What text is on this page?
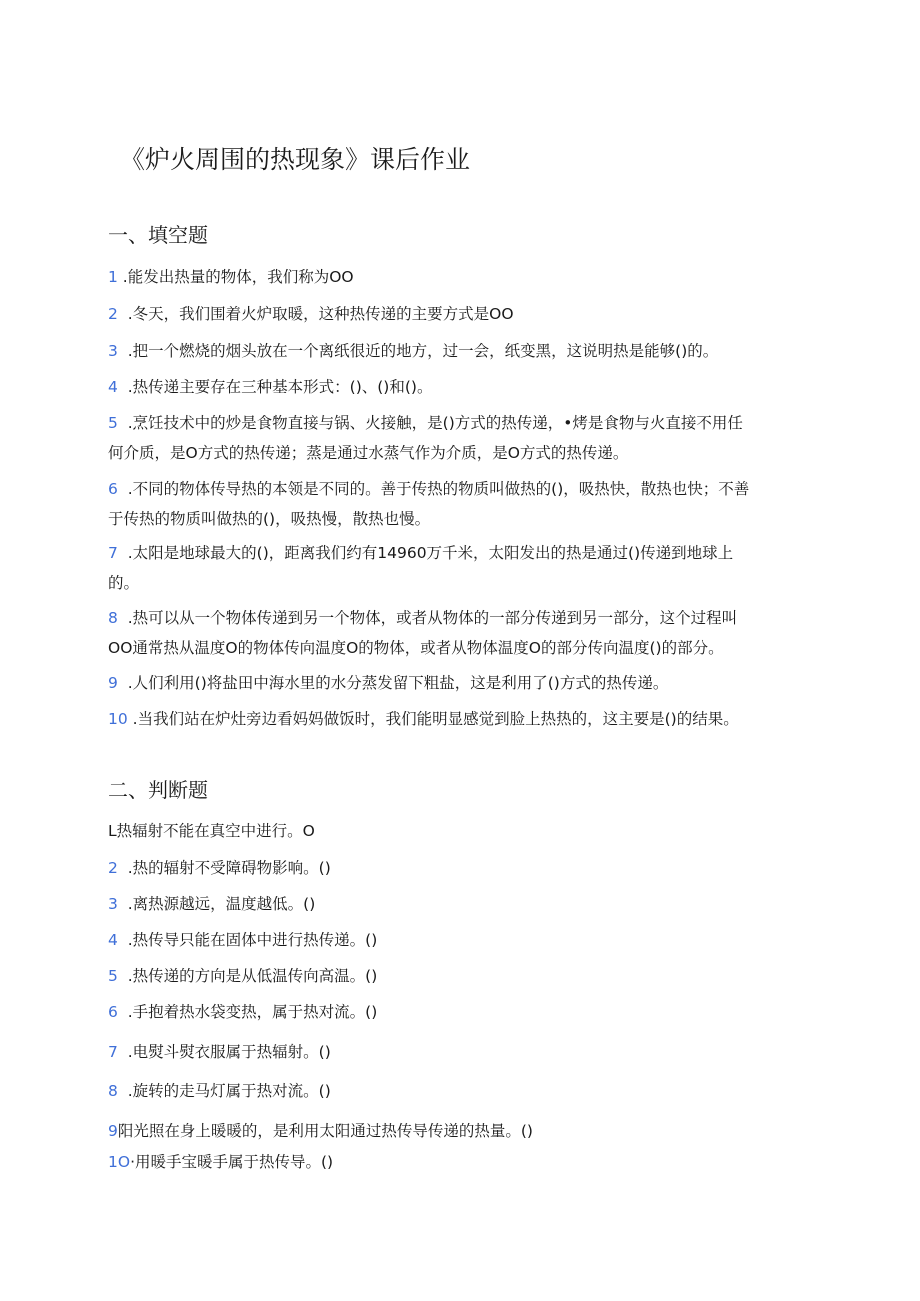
《炉火周围的热现象》课后作业
一、填空题
1 .能发出热量的物体，我们称为OO
2  .冬天，我们围着火炉取暖，这种热传递的主要方式是OO
3  .把一个燃烧的烟头放在一个离纸很近的地方，过一会，纸变黑，这说明热是能够()的。
4  .热传递主要存在三种基本形式：()、()和()。
5  .烹饪技术中的炒是食物直接与锅、火接触，是()方式的热传递，•烤是食物与火直接不用任
何介质，是O方式的热传递；蒸是通过水蒸气作为介质，是O方式的热传递。
6  .不同的物体传导热的本领是不同的。善于传热的物质叫做热的()，吸热快，散热也快；不善
于传热的物质叫做热的()，吸热慢，散热也慢。
7  .太阳是地球最大的()，距离我们约有14960万千米，太阳发出的热是通过()传递到地球上
的。
8  .热可以从一个物体传递到另一个物体，或者从物体的一部分传递到另一部分，这个过程叫
OO通常热从温度O的物体传向温度O的物体，或者从物体温度O的部分传向温度()的部分。
9  .人们利用()将盐田中海水里的水分蒸发留下粗盐，这是利用了()方式的热传递。
10 .当我们站在炉灶旁边看妈妈做饭时，我们能明显感觉到脸上热热的，这主要是()的结果。
二、判断题
L热辐射不能在真空中进行。O
2  .热的辐射不受障碍物影响。()
3  .离热源越远，温度越低。()
4  .热传导只能在固体中进行热传递。()
5  .热传递的方向是从低温传向高温。()
6  .手抱着热水袋变热，属于热对流。()
7  .电熨斗熨衣服属于热辐射。()
8  .旋转的走马灯属于热对流。()
9阳光照在身上暖暖的，是利用太阳通过热传导传递的热量。()
1O·用暖手宝暖手属于热传导。()
